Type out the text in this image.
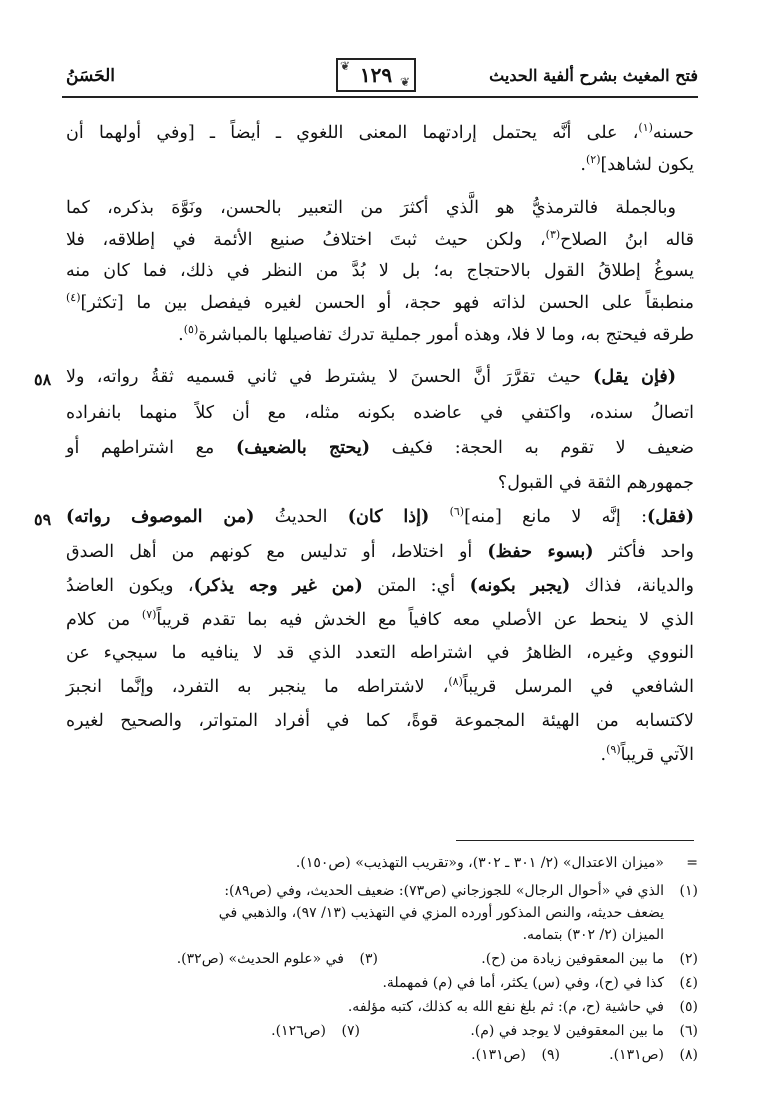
فتح المغيث بشرح ألفية الحديث
١٢٩
❦
❦
الحَسَنُ
حسنه$^{(١)}$، على أنَّه يحتمل إرادتهما المعنى اللغوي ـ أيضاً ـ [وفي أولهما أن
يكون لشاهد]$^{(٢)}$.
وبالجملة فالترمذيُّ هو الَّذي أكثرَ من التعبير بالحسن، ونَوَّهَ بذكره، كما
قاله ابنُ الصلاح$^{(٣)}$، ولكن حيث ثبتَ اختلافُ صنيع الأئمة في إطلاقه، فلا
يسوغُ إطلاقُ القول بالاحتجاج به؛ بل لا بُدَّ من النظر في ذلك، فما كان منه
منطبقاً على الحسن لذاته فهو حجة، أو الحسن لغيره فيفصل بين ما [تكثر]$^{(٤)}$
طرقه فيحتج به، وما لا فلا، وهذه أمور جملية تدرك تفاصيلها بالمباشرة$^{(٥)}$.
٥٨	(فإن يقل) حيث تقرَّرَ أنَّ الحسنَ لا يشترط في ثاني قسميه ثقةُ رواته، ولا
اتصالُ سنده، واكتفي في عاضده بكونه مثله، مع أن كلاً منهما بانفراده
ضعيف لا تقوم به الحجة: فكيف (يحتج بالضعيف) مع اشتراطهم أو
جمهورهم الثقة في القبول؟
٥٩	(فقل): إنَّه لا مانع [منه]$^{(٦)}$ (إذا كان) الحديثُ (من الموصوف رواته)
واحد فأكثر (بسوء حفظ) أو اختلاط، أو تدليس مع كونهم من أهل الصدق
والديانة، فذاك (يجبر بكونه) أي: المتن (من غير وجه يذكر)، ويكون العاضدُ
الذي لا ينحط عن الأصلي معه كافياً مع الخدش فيه بما تقدم قريباً$^{(٧)}$ من كلام
النووي وغيره، الظاهرُ في اشتراطه التعدد الذي قد لا ينافيه ما سيجيء عن
الشافعي في المرسل قريباً$^{(٨)}$، لاشتراطه ما ينجبر به التفرد، وإنَّما انجبرَ
لاكتسابه من الهيئة المجموعة قوةً، كما في أفراد المتواتر، والصحيح لغيره
الآتي قريباً$^{(٩)}$.
=«ميزان الاعتدال» (٢/ ٣٠١ ـ ٣٠٢)، و«تقريب التهذيب» (ص١٥٠).
(١)الذي في «أحوال الرجال» للجوزجاني (ص٧٣): ضعيف الحديث، وفي (ص٨٩):
يضعف حديثه، والنص المذكور أورده المزي في التهذيب (١٣/ ٩٧)، والذهبي في
الميزان (٢/ ٣٠٢) بتمامه.
(٢)ما بين المعقوفين زيادة من (ح).
(٣)في «علوم الحديث» (ص٣٢).
(٤)كذا في (ح)، وفي (س) يكثر، أما في (م) فمهملة.
(٥)في حاشية (ح، م): ثم بلغ نفع الله به كذلك، كتبه مؤلفه.
(٦)ما بين المعقوفين لا يوجد في (م).
(٧)(ص١٢٦).
(٨)(ص١٣١).
(٩)(ص١٣١).
